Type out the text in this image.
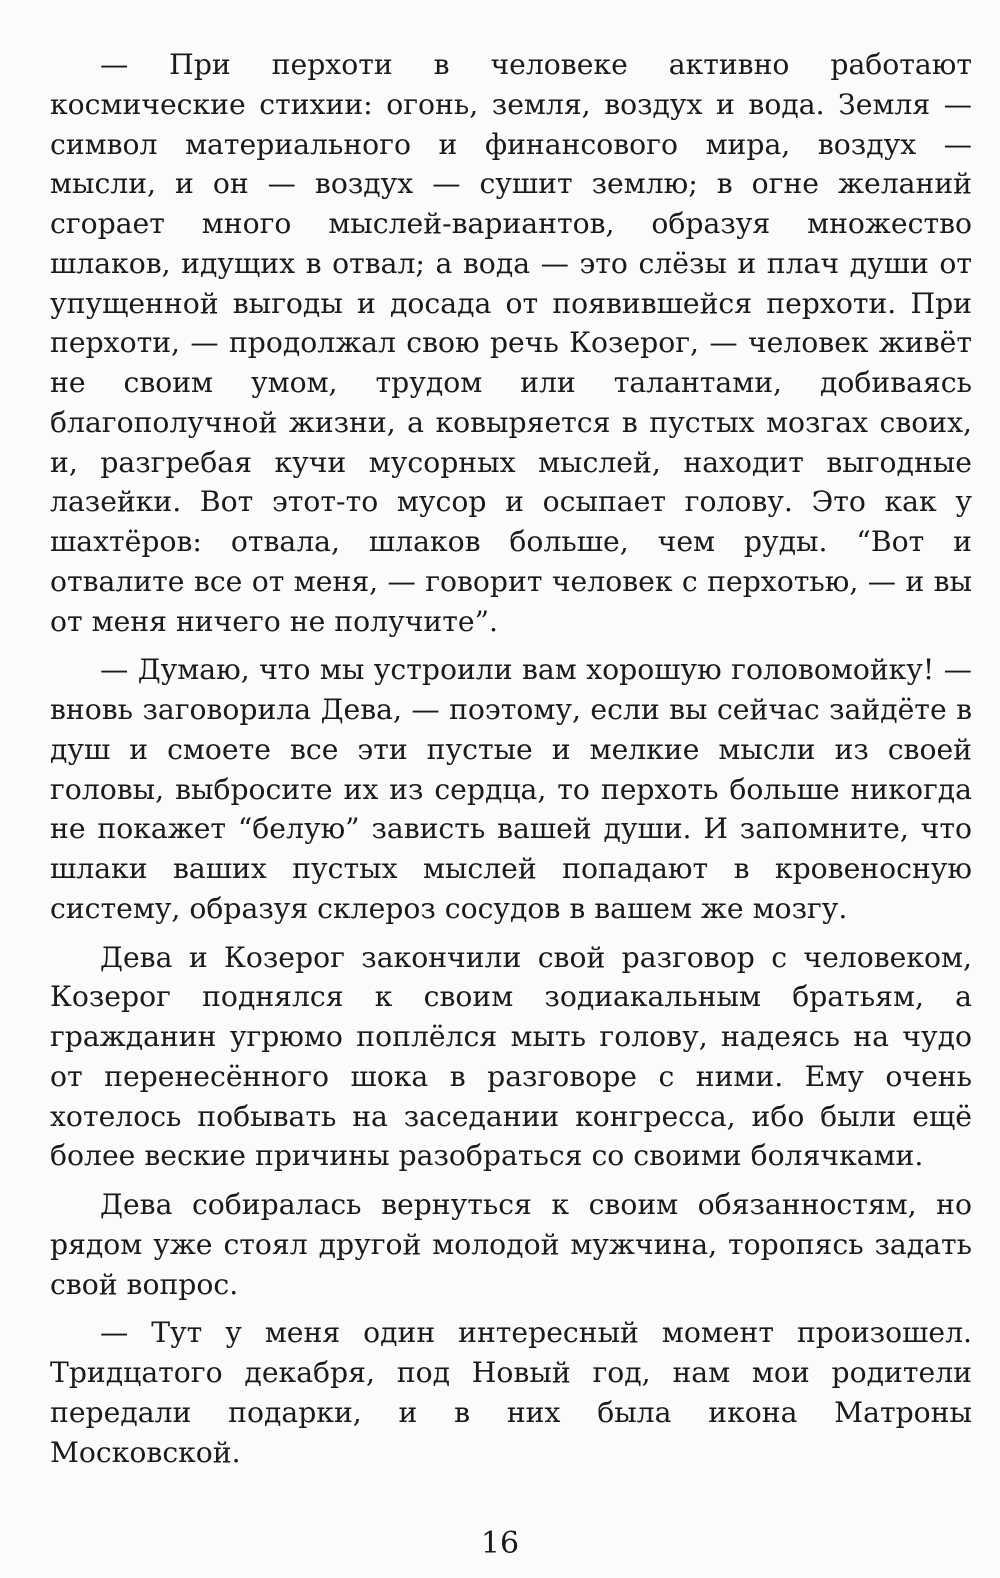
— При перхоти в человеке активно работают космические стихии: огонь, земля, воздух и вода. Земля — символ материального и финансового мира, воздух — мысли, и он — воздух — сушит землю; в огне желаний сгорает много мыслей-вариантов, образуя множество шлаков, идущих в отвал; а вода — это слёзы и плач души от упущенной выгоды и досада от появившейся перхоти. При перхоти, — продолжал свою речь Козерог, — человек живёт не своим умом, трудом или талантами, добиваясь благополучной жизни, а ковыряется в пустых мозгах своих, и, разгребая кучи мусорных мыслей, находит выгодные лазейки. Вот этот-то мусор и осыпает голову. Это как у шахтёров: отвала, шлаков больше, чем руды. “Вот и отвалите все от меня, — говорит человек с перхотью, — и вы от меня ничего не получите”.

— Думаю, что мы устроили вам хорошую головомойку! — вновь заговорила Дева, — поэтому, если вы сейчас зайдёте в душ и смоете все эти пустые и мелкие мысли из своей головы, выбросите их из сердца, то перхоть больше никогда не покажет “белую” зависть вашей души. И запомните, что шлаки ваших пустых мыслей попадают в кровеносную систему, образуя склероз сосудов в вашем же мозгу.

Дева и Козерог закончили свой разговор с человеком, Козерог поднялся к своим зодиакальным братьям, а гражданин угрюмо поплёлся мыть голову, надеясь на чудо от перенесённого шока в разговоре с ними. Ему очень хотелось побывать на заседании конгресса, ибо были ещё более веские причины разобраться со своими болячками.

Дева собиралась вернуться к своим обязанностям, но рядом уже стоял другой молодой мужчина, торопясь задать свой вопрос.

— Тут у меня один интересный момент произошел. Тридцатого декабря, под Новый год, нам мои родители передали подарки, и в них была икона Матроны Московской.

16
